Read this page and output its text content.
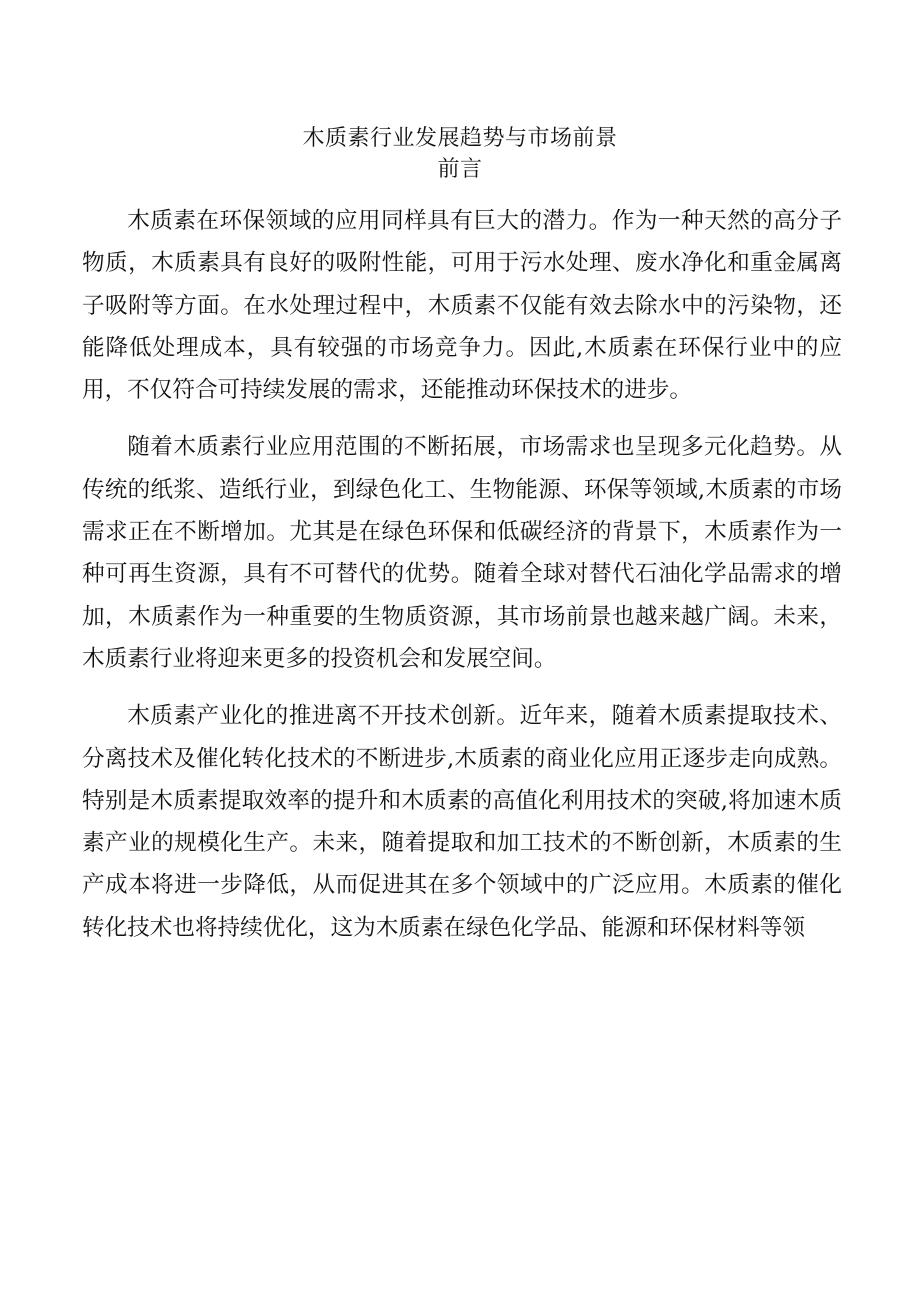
木质素行业发展趋势与市场前景
前言

木质素在环保领域的应用同样具有巨大的潜力。作为一种天然的高分子物质，木质素具有良好的吸附性能，可用于污水处理、废水净化和重金属离子吸附等方面。在水处理过程中，木质素不仅能有效去除水中的污染物，还能降低处理成本，具有较强的市场竞争力。因此,木质素在环保行业中的应用，不仅符合可持续发展的需求，还能推动环保技术的进步。

随着木质素行业应用范围的不断拓展，市场需求也呈现多元化趋势。从传统的纸浆、造纸行业，到绿色化工、生物能源、环保等领域,木质素的市场需求正在不断增加。尤其是在绿色环保和低碳经济的背景下，木质素作为一种可再生资源，具有不可替代的优势。随着全球对替代石油化学品需求的增加，木质素作为一种重要的生物质资源，其市场前景也越来越广阔。未来，木质素行业将迎来更多的投资机会和发展空间。

木质素产业化的推进离不开技术创新。近年来，随着木质素提取技术、分离技术及催化转化技术的不断进步,木质素的商业化应用正逐步走向成熟。特别是木质素提取效率的提升和木质素的高值化利用技术的突破,将加速木质素产业的规模化生产。未来，随着提取和加工技术的不断创新，木质素的生产成本将进一步降低，从而促进其在多个领域中的广泛应用。木质素的催化转化技术也将持续优化，这为木质素在绿色化学品、能源和环保材料等领
